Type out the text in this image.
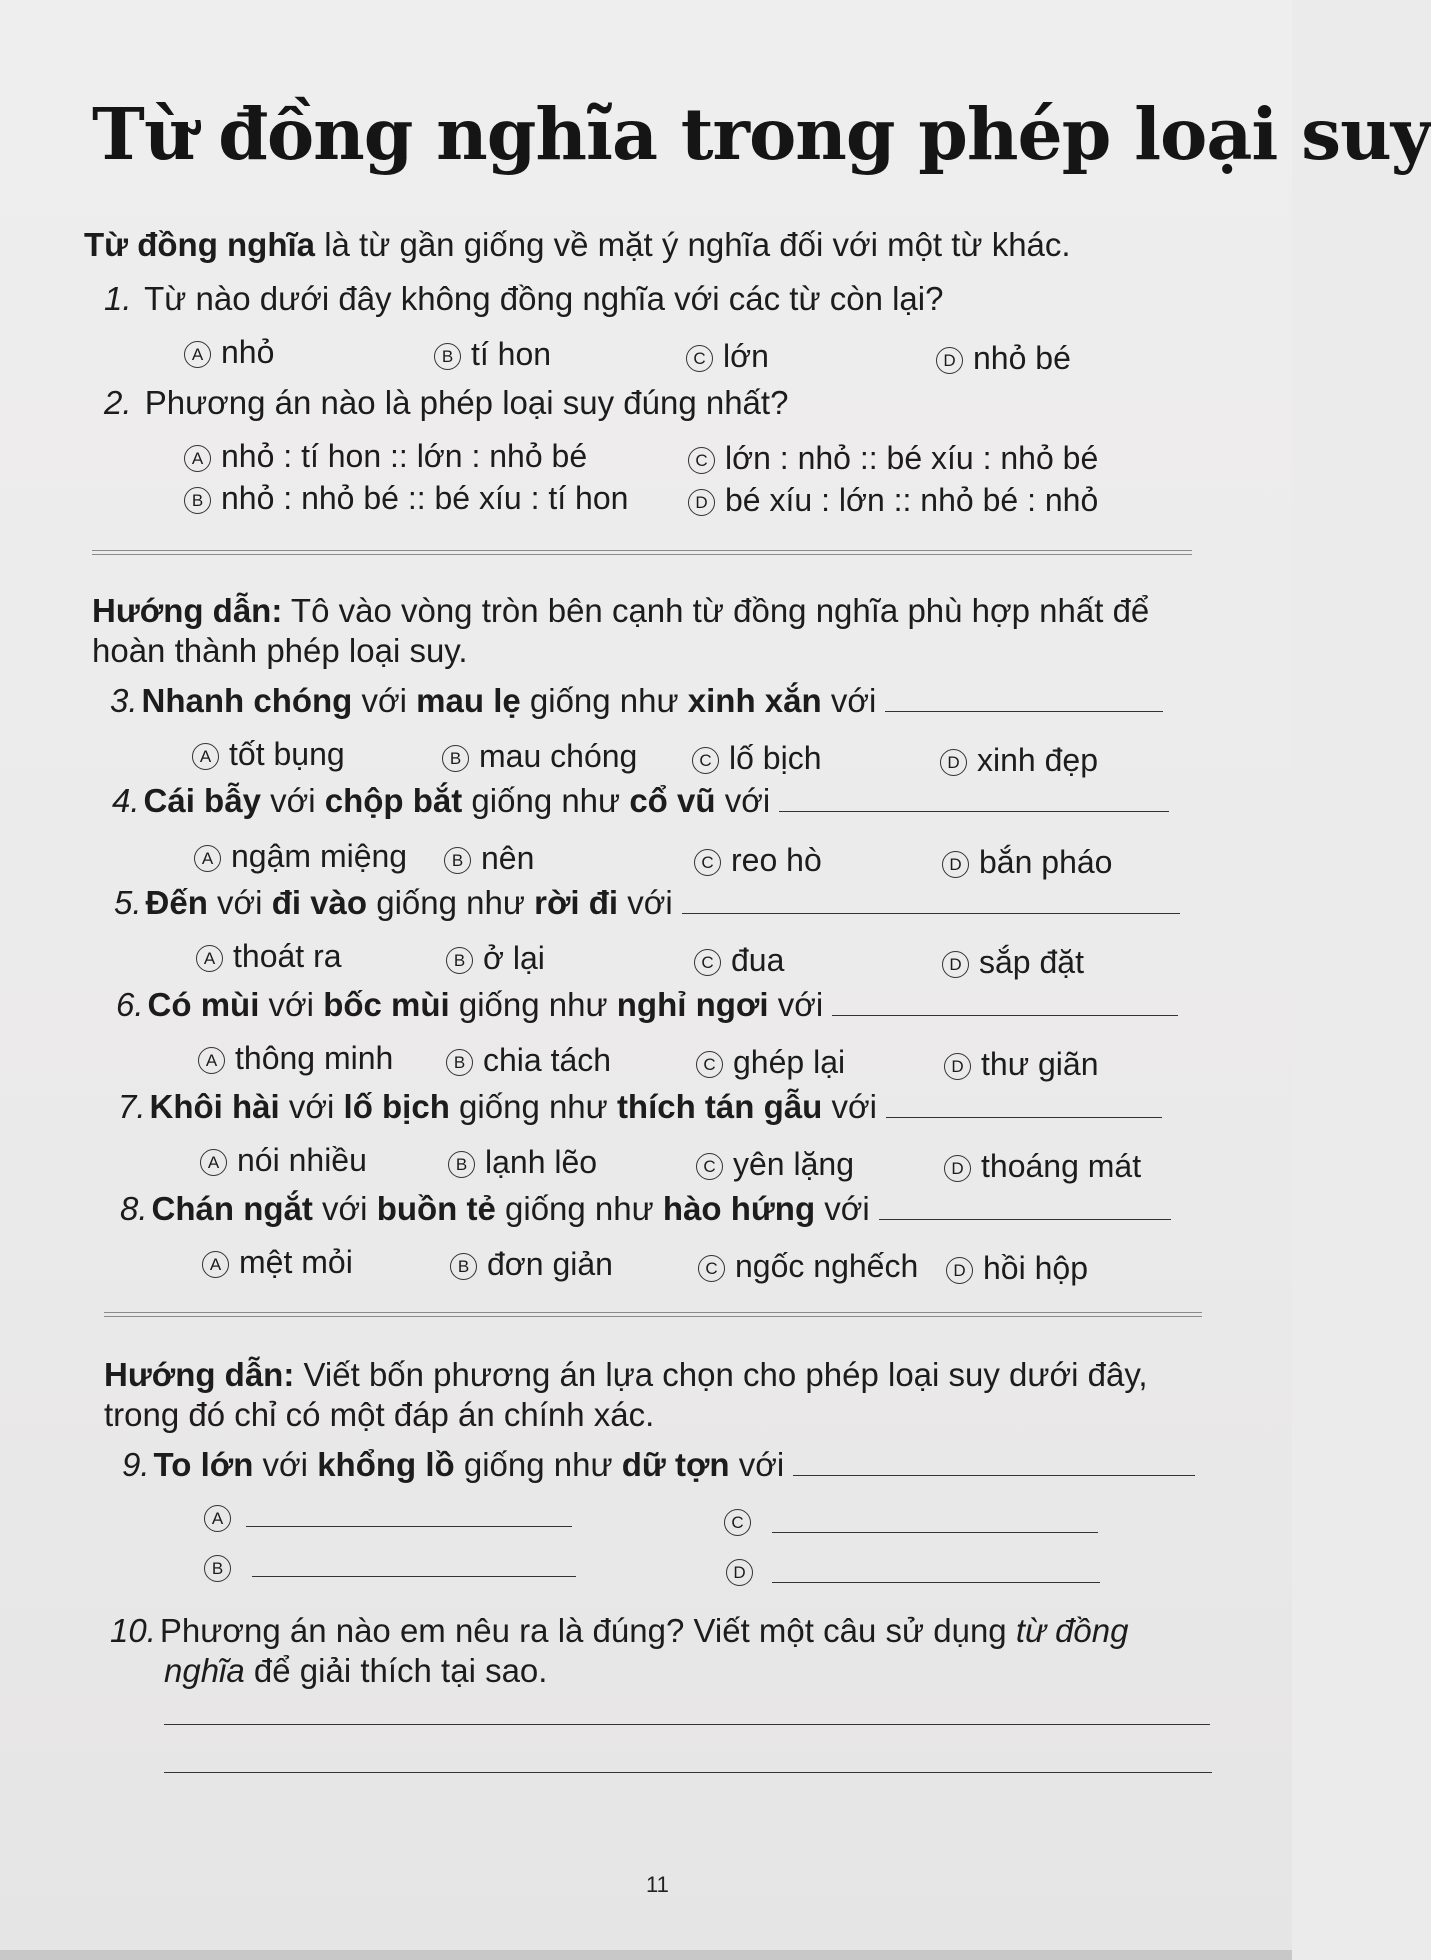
Từ đồng nghĩa trong phép loại suy
Từ đồng nghĩa là từ gần giống về mặt ý nghĩa đối với một từ khác.
1. Từ nào dưới đây không đồng nghĩa với các từ còn lại?
A nhỏ	B tí hon	C lớn	D nhỏ bé
2. Phương án nào là phép loại suy đúng nhất?
A nhỏ : tí hon :: lớn : nhỏ bé
B nhỏ : nhỏ bé :: bé xíu : tí hon
C lớn : nhỏ :: bé xíu : nhỏ bé
D bé xíu : lớn :: nhỏ bé : nhỏ
Hướng dẫn: Tô vào vòng tròn bên cạnh từ đồng nghĩa phù hợp nhất để
hoàn thành phép loại suy.
3. Nhanh chóng với mau lẹ giống như xinh xắn với
A tốt bụng	B mau chóng	C lố bịch	D xinh đẹp
4. Cái bẫy với chộp bắt giống như cổ vũ với
A ngậm miệng	B nên	C reo hò	D bắn pháo
5. Đến với đi vào giống như rời đi với
A thoát ra	B ở lại	C đua	D sắp đặt
6. Có mùi với bốc mùi giống như nghỉ ngơi với
A thông minh	B chia tách	C ghép lại	D thư giãn
7. Khôi hài với lố bịch giống như thích tán gẫu với
A nói nhiều	B lạnh lẽo	C yên lặng	D thoáng mát
8. Chán ngắt với buồn tẻ giống như hào hứng với
A mệt mỏi	B đơn giản	C ngốc nghếch	D hồi hộp
Hướng dẫn: Viết bốn phương án lựa chọn cho phép loại suy dưới đây,
trong đó chỉ có một đáp án chính xác.
9. To lớn với khổng lồ giống như dữ tợn với
A
B
C
D
10. Phương án nào em nêu ra là đúng? Viết một câu sử dụng từ đồng
nghĩa để giải thích tại sao.
11
